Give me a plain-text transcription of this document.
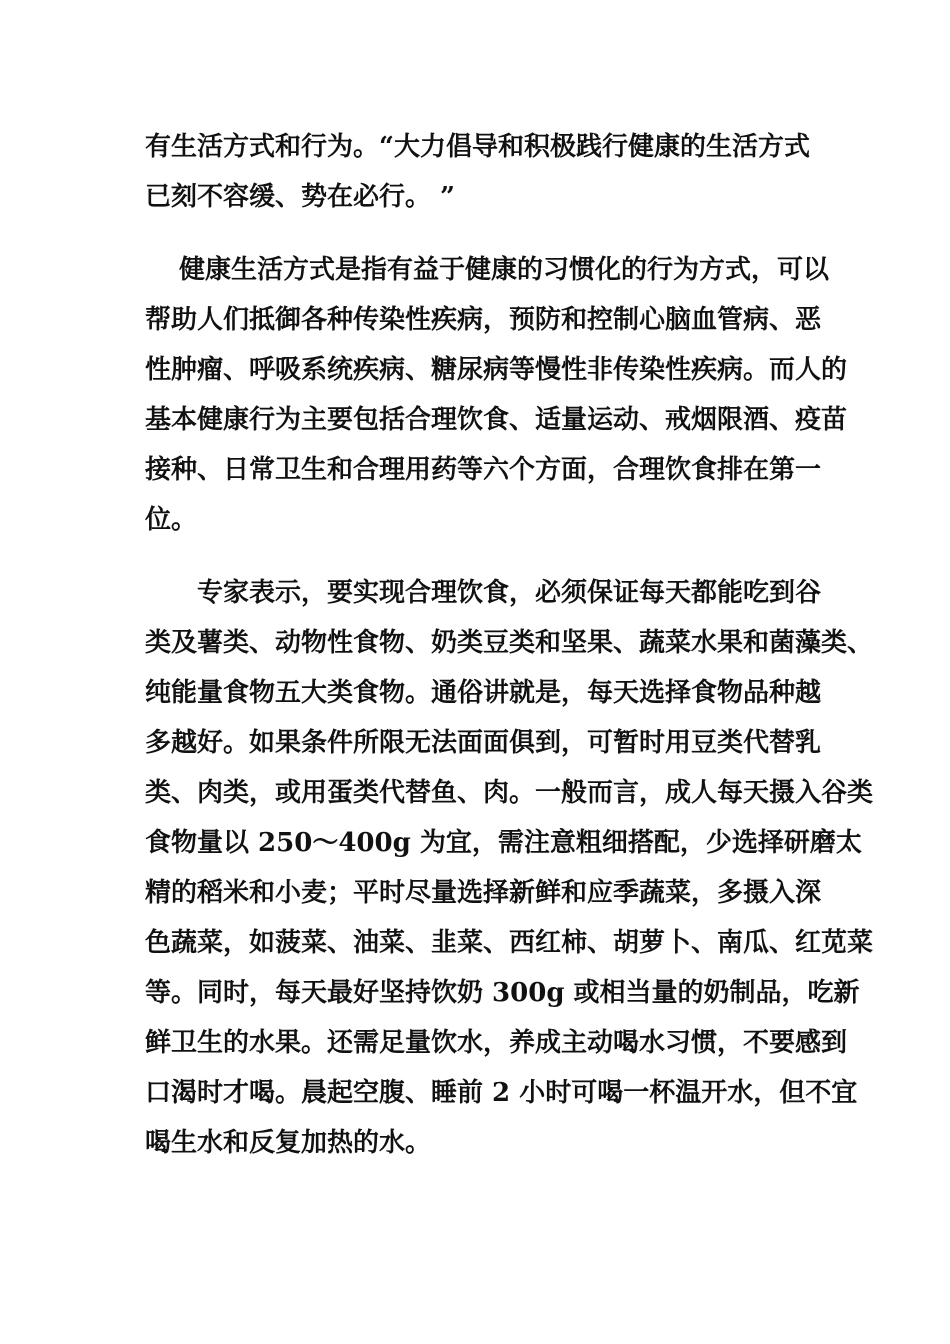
有生活方式和行为。“大力倡导和积极践行健康的生活方式
已刻不容缓、势在必行。 ”
健康生活方式是指有益于健康的习惯化的行为方式，可以
帮助人们抵御各种传染性疾病，预防和控制心脑血管病、恶
性肿瘤、呼吸系统疾病、糖尿病等慢性非传染性疾病。而人的
基本健康行为主要包括合理饮食、适量运动、戒烟限酒、疫苗
接种、日常卫生和合理用药等六个方面，合理饮食排在第一
位。
专家表示，要实现合理饮食，必须保证每天都能吃到谷
类及薯类、动物性食物、奶类豆类和坚果、蔬菜水果和菌藻类、
纯能量食物五大类食物。通俗讲就是，每天选择食物品种越
多越好。如果条件所限无法面面俱到，可暂时用豆类代替乳
类、肉类，或用蛋类代替鱼、肉。一般而言，成人每天摄入谷类
食物量以 250～400g 为宜，需注意粗细搭配，少选择研磨太
精的稻米和小麦；平时尽量选择新鲜和应季蔬菜，多摄入深
色蔬菜，如菠菜、油菜、韭菜、西红柿、胡萝卜、南瓜、红苋菜
等。同时，每天最好坚持饮奶 300g 或相当量的奶制品，吃新
鲜卫生的水果。还需足量饮水，养成主动喝水习惯，不要感到
口渴时才喝。晨起空腹、睡前 2 小时可喝一杯温开水，但不宜
喝生水和反复加热的水。
